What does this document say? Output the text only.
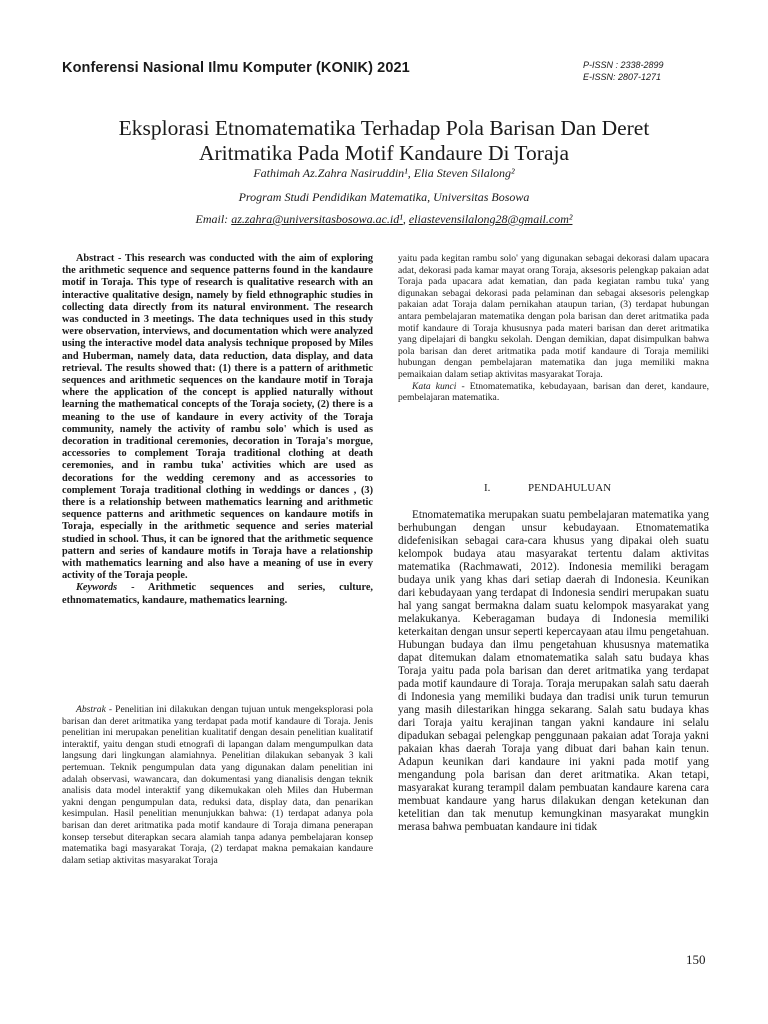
Konferensi Nasional Ilmu Komputer (KONIK) 2021	P-ISSN : 2338-2899
E-ISSN: 2807-1271
Eksplorasi Etnomatematika Terhadap Pola Barisan Dan Deret
Aritmatika Pada Motif Kandaure Di Toraja
Fathimah Az.Zahra Nasiruddin¹, Elia Steven Silalong²
Program Studi Pendidikan Matematika, Universitas Bosowa
Email: az.zahra@universitasbosowa.ac.id¹, eliastevensilalong28@gmail.com²

Abstract - This research was conducted with the aim of exploring the arithmetic sequence and sequence patterns found in the kandaure motif in Toraja. This type of research is qualitative research with an interactive qualitative design, namely by field ethnographic studies in collecting data directly from its natural environment. The research was conducted in 3 meetings. The data techniques used in this study were observation, interviews, and documentation which were analyzed using the interactive model data analysis technique proposed by Miles and Huberman, namely data, data reduction, data display, and data retrieval. The results showed that: (1) there is a pattern of arithmetic sequences and arithmetic sequences on the kandaure motif in Toraja where the application of the concept is applied naturally without learning the mathematical concepts of the Toraja society, (2) there is a meaning to the use of kandaure in every activity of the Toraja community, namely the activity of rambu solo' which is used as decoration in traditional ceremonies, decoration in Toraja's morgue, accessories to complement Toraja traditional clothing at death ceremonies, and in rambu tuka' activities which are used as decorations for the wedding ceremony and as accessories to complement Toraja traditional clothing in weddings or dances , (3) there is a relationship between mathematics learning and arithmetic sequence patterns and arithmetic sequences on kandaure motifs in Toraja, especially in the arithmetic sequence and series material studied in school. Thus, it can be ignored that the arithmetic sequence pattern and series of kandaure motifs in Toraja have a relationship with mathematics learning and also have a meaning of use in every activity of the Toraja people.

Keywords - Arithmetic sequences and series, culture, ethnomatematics, kandaure, mathematics learning.

Abstrak - Penelitian ini dilakukan dengan tujuan untuk mengeksplorasi pola barisan dan deret aritmatika yang terdapat pada motif kandaure di Toraja. Jenis penelitian ini merupakan penelitian kualitatif dengan desain penelitian kualitatif interaktif, yaitu dengan studi etnografi di lapangan dalam mengumpulkan data langsung dari lingkungan alamiahnya. Penelitian dilakukan sebanyak 3 kali pertemuan. Teknik pengumpulan data yang digunakan dalam penelitian ini adalah observasi, wawancara, dan dokumentasi yang dianalisis dengan teknik analisis data model interaktif yang dikemukakan oleh Miles dan Huberman yakni dengan pengumpulan data, reduksi data, display data, dan penarikan kesimpulan. Hasil penelitian menunjukkan bahwa: (1) terdapat adanya pola barisan dan deret aritmatika pada motif kandaure di Toraja dimana penerapan konsep tersebut diterapkan secara alamiah tanpa adanya pembelajaran konsep matematika bagi masyarakat Toraja, (2) terdapat makna pemakaian kandaure dalam setiap aktivitas masyarakat Toraja

yaitu pada kegitan rambu solo' yang digunakan sebagai dekorasi dalam upacara adat, dekorasi pada kamar mayat orang Toraja, aksesoris pelengkap pakaian adat Toraja pada upacara adat kematian, dan pada kegiatan rambu tuka' yang digunakan sebagai dekorasi pada pelaminan dan sebagai aksesoris pelengkap pakaian adat Toraja dalam pernikahan ataupun tarian, (3) terdapat hubungan antara pembelajaran matematika dengan pola barisan dan deret aritmatika pada motif kandaure di Toraja khususnya pada materi barisan dan deret aritmatika yang dipelajari di bangku sekolah. Dengan demikian, dapat disimpulkan bahwa pola barisan dan deret aritmatika pada motif kandaure di Toraja memiliki hubungan dengan pembelajaran matematika dan juga memiliki makna pemaikaian dalam setiap aktivitas masyarakat Toraja.

Kata kunci - Etnomatematika, kebudayaan, barisan dan deret, kandaure, pembelajaran matematika.

I.	PENDAHULUAN

Etnomatematika merupakan suatu pembelajaran matematika yang berhubungan dengan unsur kebudayaan. Etnomatematika didefenisikan sebagai cara-cara khusus yang dipakai oleh suatu kelompok budaya atau masyarakat tertentu dalam aktivitas matematika (Rachmawati, 2012). Indonesia memiliki beragam budaya unik yang khas dari setiap daerah di Indonesia. Keunikan dari kebudayaan yang terdapat di Indonesia sendiri merupakan suatu hal yang sangat bermakna dalam suatu kelompok masyarakat yang melakukanya. Keberagaman budaya di Indonesia memiliki keterkaitan dengan unsur seperti kepercayaan atau ilmu pengetahuan. Hubungan budaya dan ilmu pengetahuan khususnya matematika dapat ditemukan dalam etnomatematika salah satu budaya khas Toraja yaitu pada pola barisan dan deret aritmatika yang terdapat pada motif kaundaure di Toraja. Toraja merupakan salah satu daerah di Indonesia yang memiliki budaya dan tradisi unik turun temurun yang masih dilestarikan hingga sekarang. Salah satu budaya khas dari Toraja yaitu kerajinan tangan yakni kandaure ini selalu dipadukan sebagai pelengkap penggunaan pakaian adat Toraja yakni pakaian khas daerah Toraja yang dibuat dari bahan kain tenun. Adapun keunikan dari kandaure ini yakni pada motif yang mengandung pola barisan dan deret aritmatika. Akan tetapi, masyarakat kurang terampil dalam pembuatan kandaure karena cara membuat kandaure yang harus dilakukan dengan ketekunan dan ketelitian dan tak menutup kemungkinan masyarakat mungkin merasa bahwa pembuatan kandaure ini tidak

150
